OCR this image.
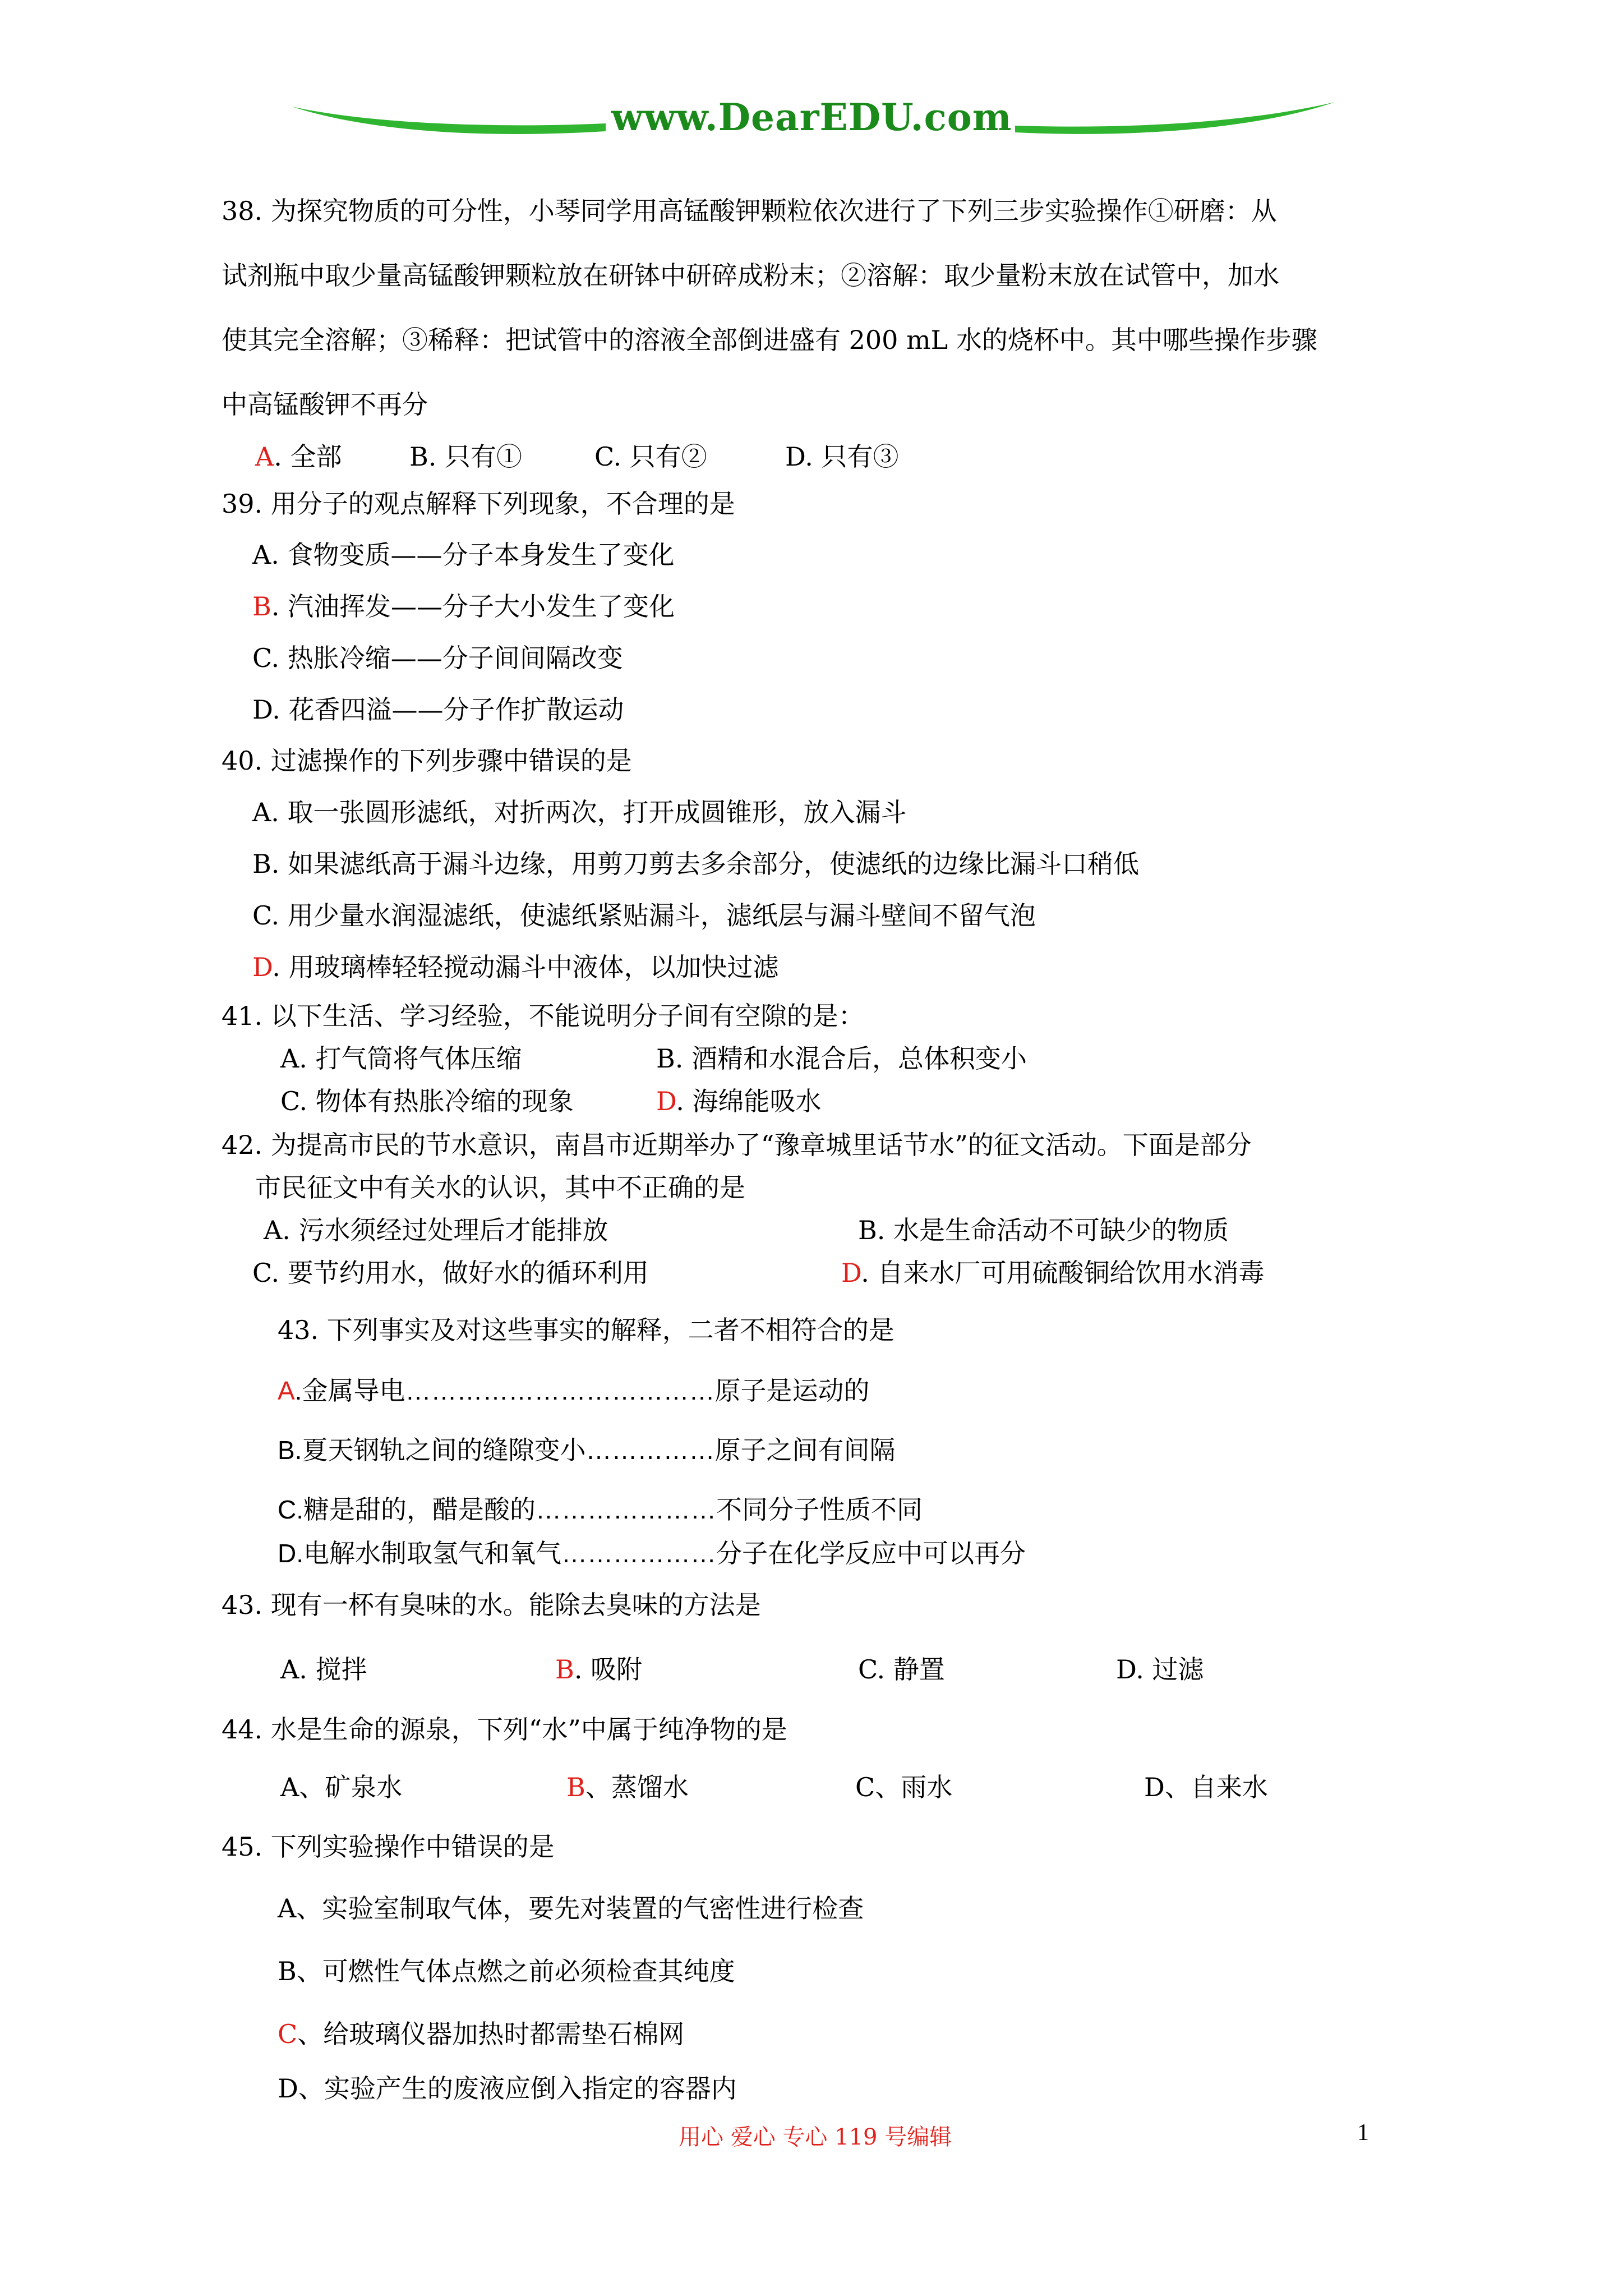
www.DearEDU.com
38. 为探究物质的可分性，小琴同学用高锰酸钾颗粒依次进行了下列三步实验操作①研磨：从
试剂瓶中取少量高锰酸钾颗粒放在研钵中研碎成粉末；②溶解：取少量粉末放在试管中，加水
使其完全溶解；③稀释：把试管中的溶液全部倒进盛有 200 mL 水的烧杯中。其中哪些操作步骤
中高锰酸钾不再分
A. 全部	B. 只有①	C. 只有②	D. 只有③
39. 用分子的观点解释下列现象，不合理的是
A. 食物变质——分子本身发生了变化
B. 汽油挥发——分子大小发生了变化
C. 热胀冷缩——分子间间隔改变
D. 花香四溢——分子作扩散运动
40. 过滤操作的下列步骤中错误的是
A. 取一张圆形滤纸，对折两次，打开成圆锥形，放入漏斗
B. 如果滤纸高于漏斗边缘，用剪刀剪去多余部分，使滤纸的边缘比漏斗口稍低
C. 用少量水润湿滤纸，使滤纸紧贴漏斗，滤纸层与漏斗壁间不留气泡
D. 用玻璃棒轻轻搅动漏斗中液体，以加快过滤
41. 以下生活、学习经验，不能说明分子间有空隙的是：
A. 打气筒将气体压缩	B. 酒精和水混合后，总体积变小
C. 物体有热胀冷缩的现象	D. 海绵能吸水
42. 为提高市民的节水意识，南昌市近期举办了“豫章城里话节水”的征文活动。下面是部分
市民征文中有关水的认识，其中不正确的是
A. 污水须经过处理后才能排放	B. 水是生命活动不可缺少的物质
C. 要节约用水，做好水的循环利用	D. 自来水厂可用硫酸铜给饮用水消毒
43. 下列事实及对这些事实的解释，二者不相符合的是
A.金属导电………………………………原子是运动的
B.夏天钢轨之间的缝隙变小……………原子之间有间隔
C.糖是甜的，醋是酸的…………………不同分子性质不同
D.电解水制取氢气和氧气………………分子在化学反应中可以再分
43. 现有一杯有臭味的水。能除去臭味的方法是
A. 搅拌	B. 吸附	C. 静置	D. 过滤
44. 水是生命的源泉，下列“水”中属于纯净物的是
A、矿泉水	B、蒸馏水	C、雨水	D、自来水
45. 下列实验操作中错误的是
A、实验室制取气体，要先对装置的气密性进行检查
B、可燃性气体点燃之前必须检查其纯度
C、给玻璃仪器加热时都需垫石棉网
D、实验产生的废液应倒入指定的容器内
用心 爱心 专心 119 号编辑	1
